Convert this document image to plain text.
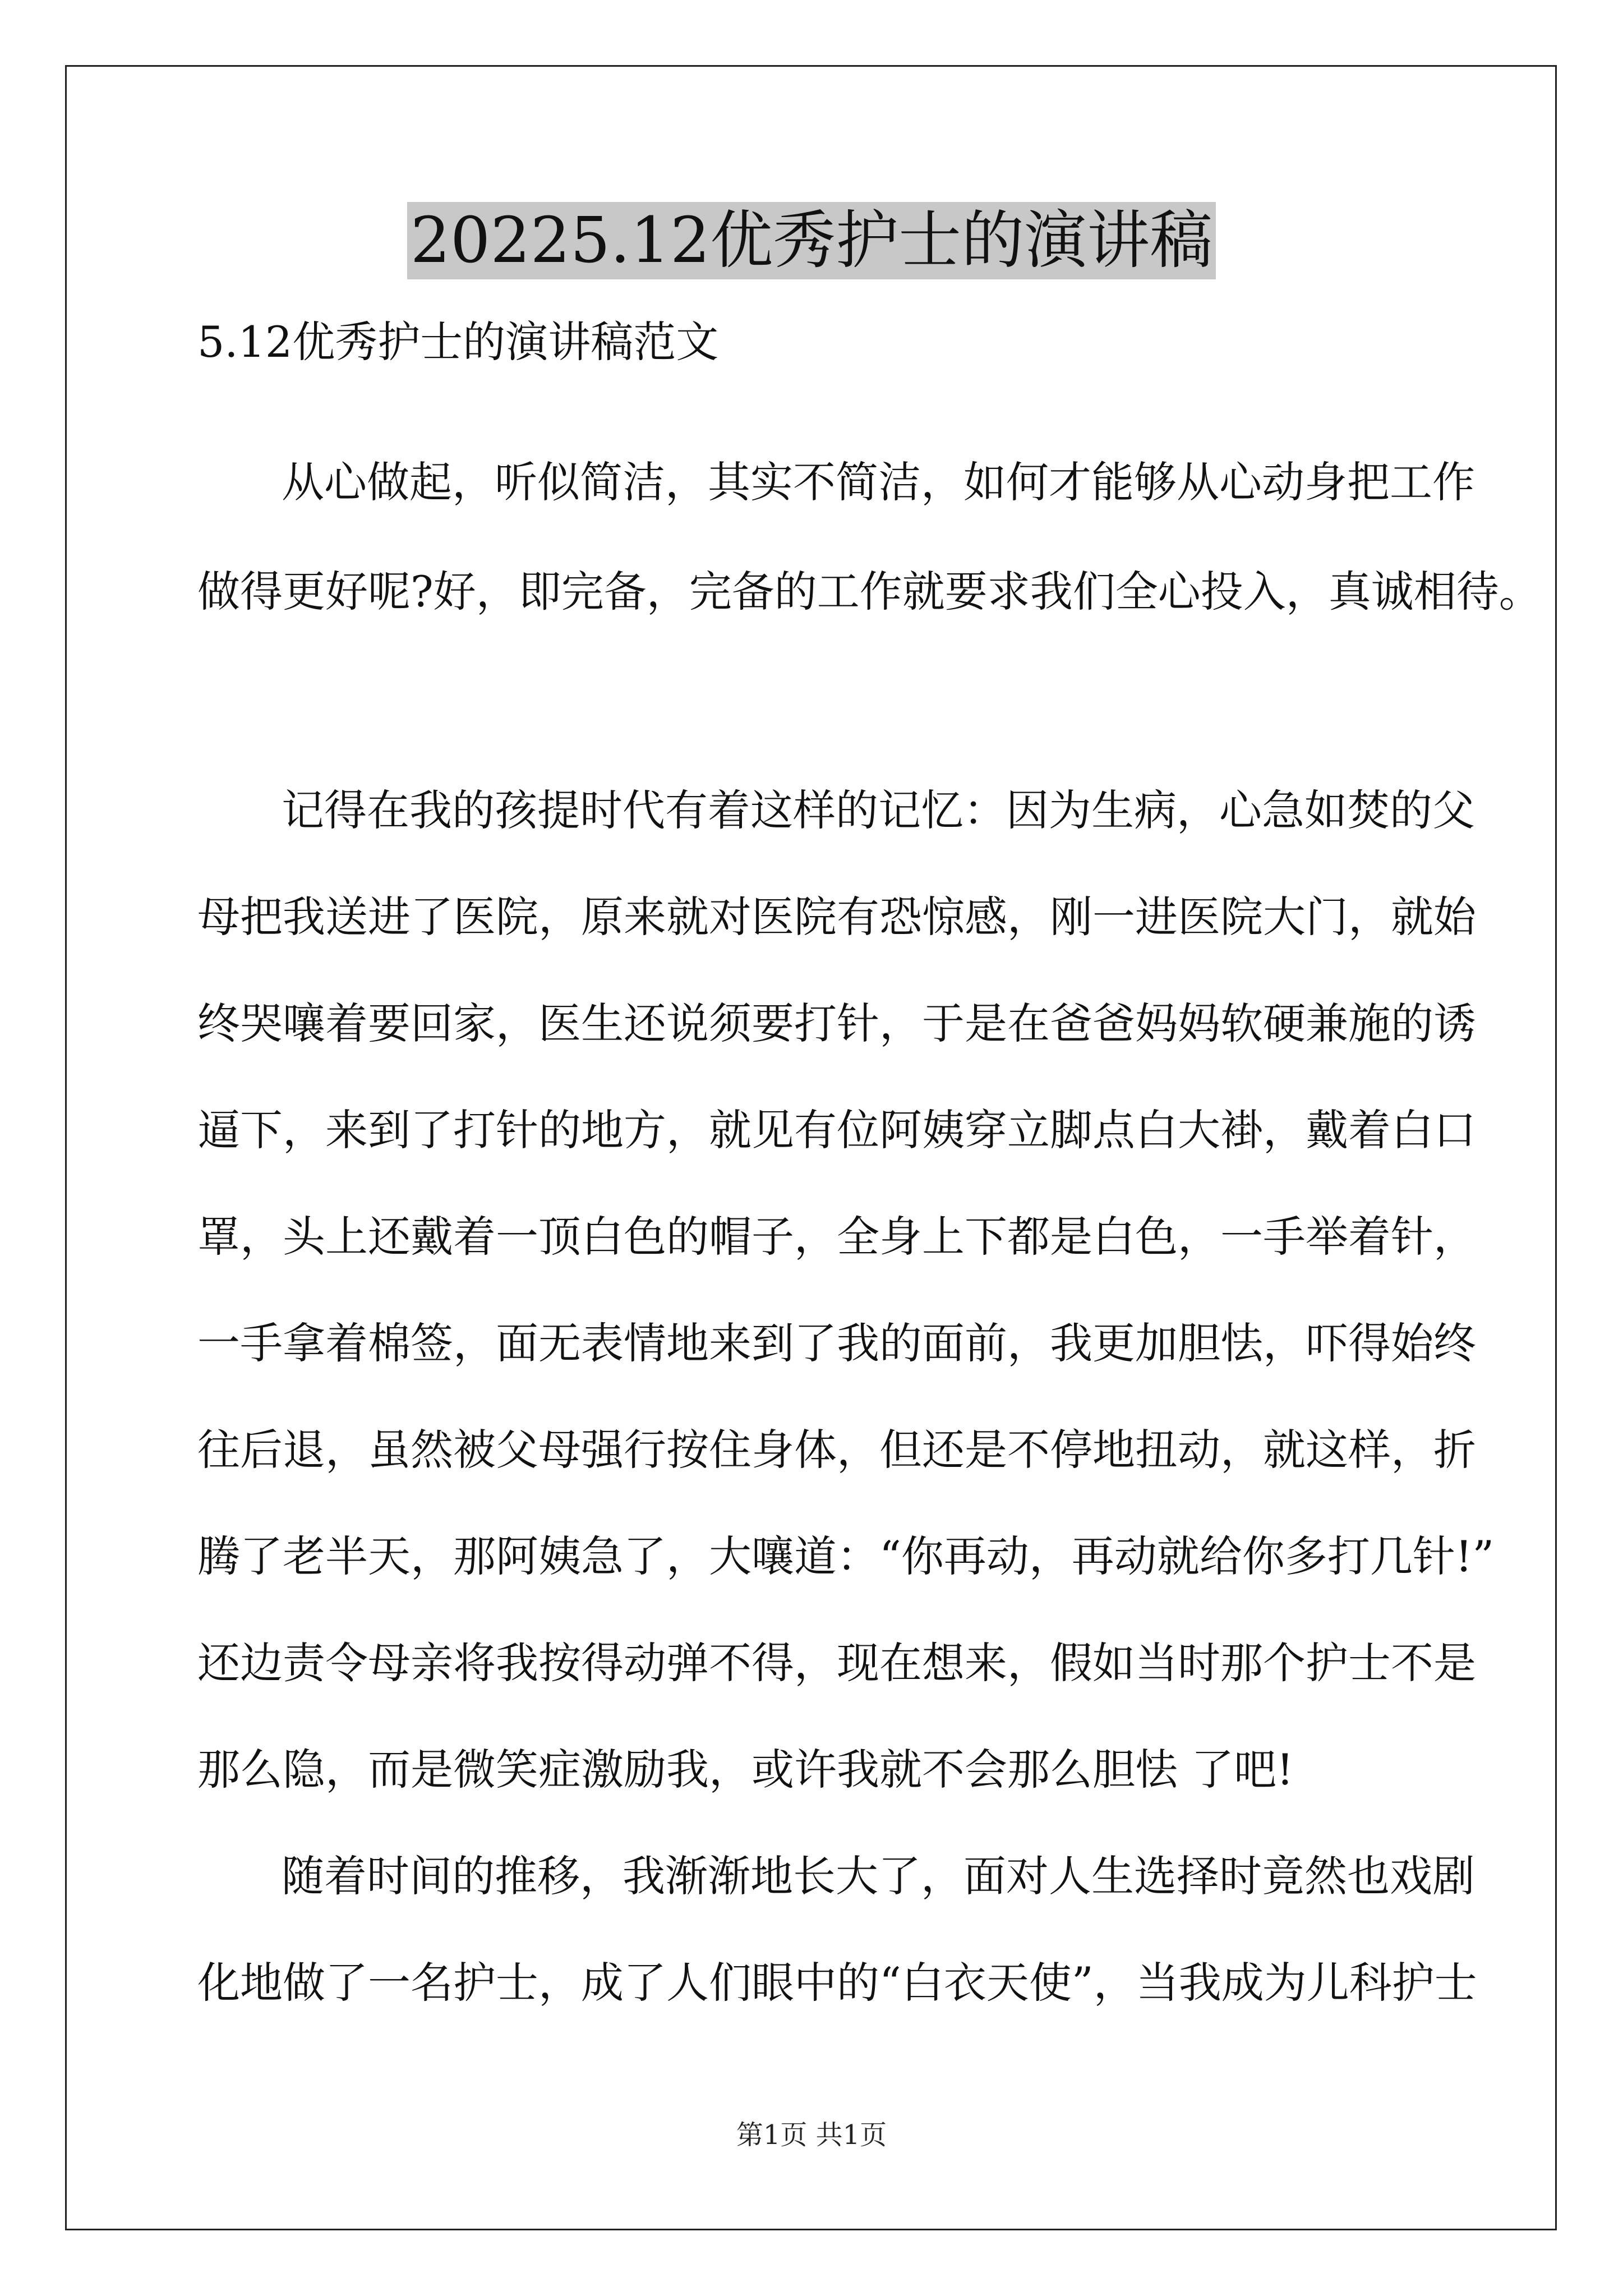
20225.12优秀护士的演讲稿
5.12优秀护士的演讲稿范文
从心做起，听似简洁，其实不简洁，如何才能够从心动身把工作
做得更好呢?好，即完备，完备的工作就要求我们全心投入，真诚相待。
记得在我的孩提时代有着这样的记忆：因为生病，心急如焚的父
母把我送进了医院，原来就对医院有恐惊感，刚一进医院大门，就始
终哭嚷着要回家，医生还说须要打针，于是在爸爸妈妈软硬兼施的诱
逼下，来到了打针的地方，就见有位阿姨穿立脚点白大褂，戴着白口
罩，头上还戴着一顶白色的帽子，全身上下都是白色，一手举着针，
一手拿着棉签，面无表情地来到了我的面前，我更加胆怯，吓得始终
往后退，虽然被父母强行按住身体，但还是不停地扭动，就这样，折
腾了老半天，那阿姨急了，大嚷道：“你再动，再动就给你多打几针!”
还边责令母亲将我按得动弹不得，现在想来，假如当时那个护士不是
那么隐，而是微笑症激励我，或许我就不会那么胆怯 了吧!
随着时间的推移，我渐渐地长大了，面对人生选择时竟然也戏剧
化地做了一名护士，成了人们眼中的“白衣天使”，当我成为儿科护士
第1页 共1页
